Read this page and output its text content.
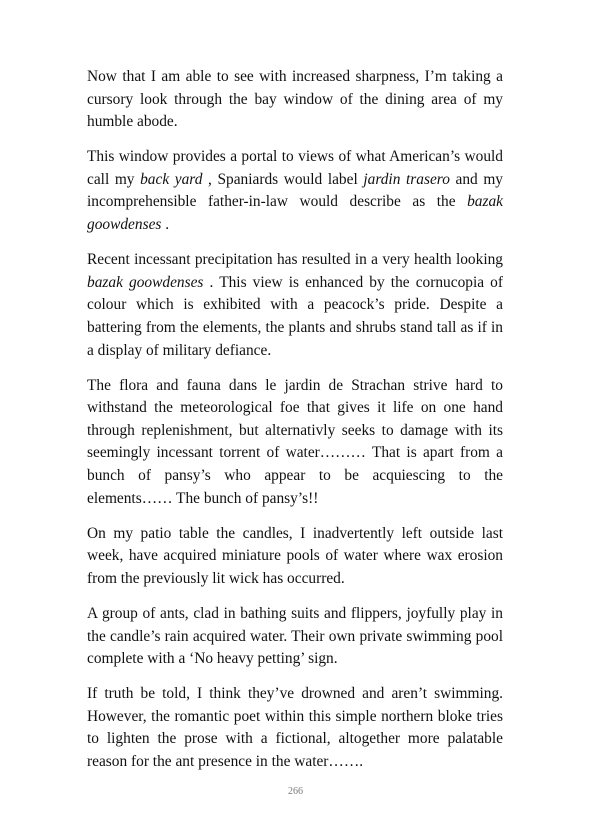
Now that I am able to see with increased sharpness, I’m taking a cursory look through the bay window of the dining area of my humble abode.

This window provides a portal to views of what American’s would call my back yard , Spaniards would label jardin trasero and my incomprehensible father-in-law would describe as the bazak goowdenses .

Recent incessant precipitation has resulted in a very health looking bazak goowdenses . This view is enhanced by the cornucopia of colour which is exhibited with a peacock’s pride. Despite a battering from the elements, the plants and shrubs stand tall as if in a display of military defiance.

The flora and fauna dans le jardin de Strachan strive hard to withstand the meteorological foe that gives it life on one hand through replenishment, but alternativly seeks to damage with its seemingly incessant torrent of water……… That is apart from a bunch of pansy’s who appear to be acquiescing to the elements…… The bunch of pansy’s!!

On my patio table the candles, I inadvertently left outside last week, have acquired miniature pools of water where wax erosion from the previously lit wick has occurred.

A group of ants, clad in bathing suits and flippers, joyfully play in the candle’s rain acquired water. Their own private swimming pool complete with a ‘No heavy petting’ sign.

If truth be told, I think they’ve drowned and aren’t swimming. However, the romantic poet within this simple northern bloke tries to lighten the prose with a fictional, altogether more palatable reason for the ant presence in the water…….

266
